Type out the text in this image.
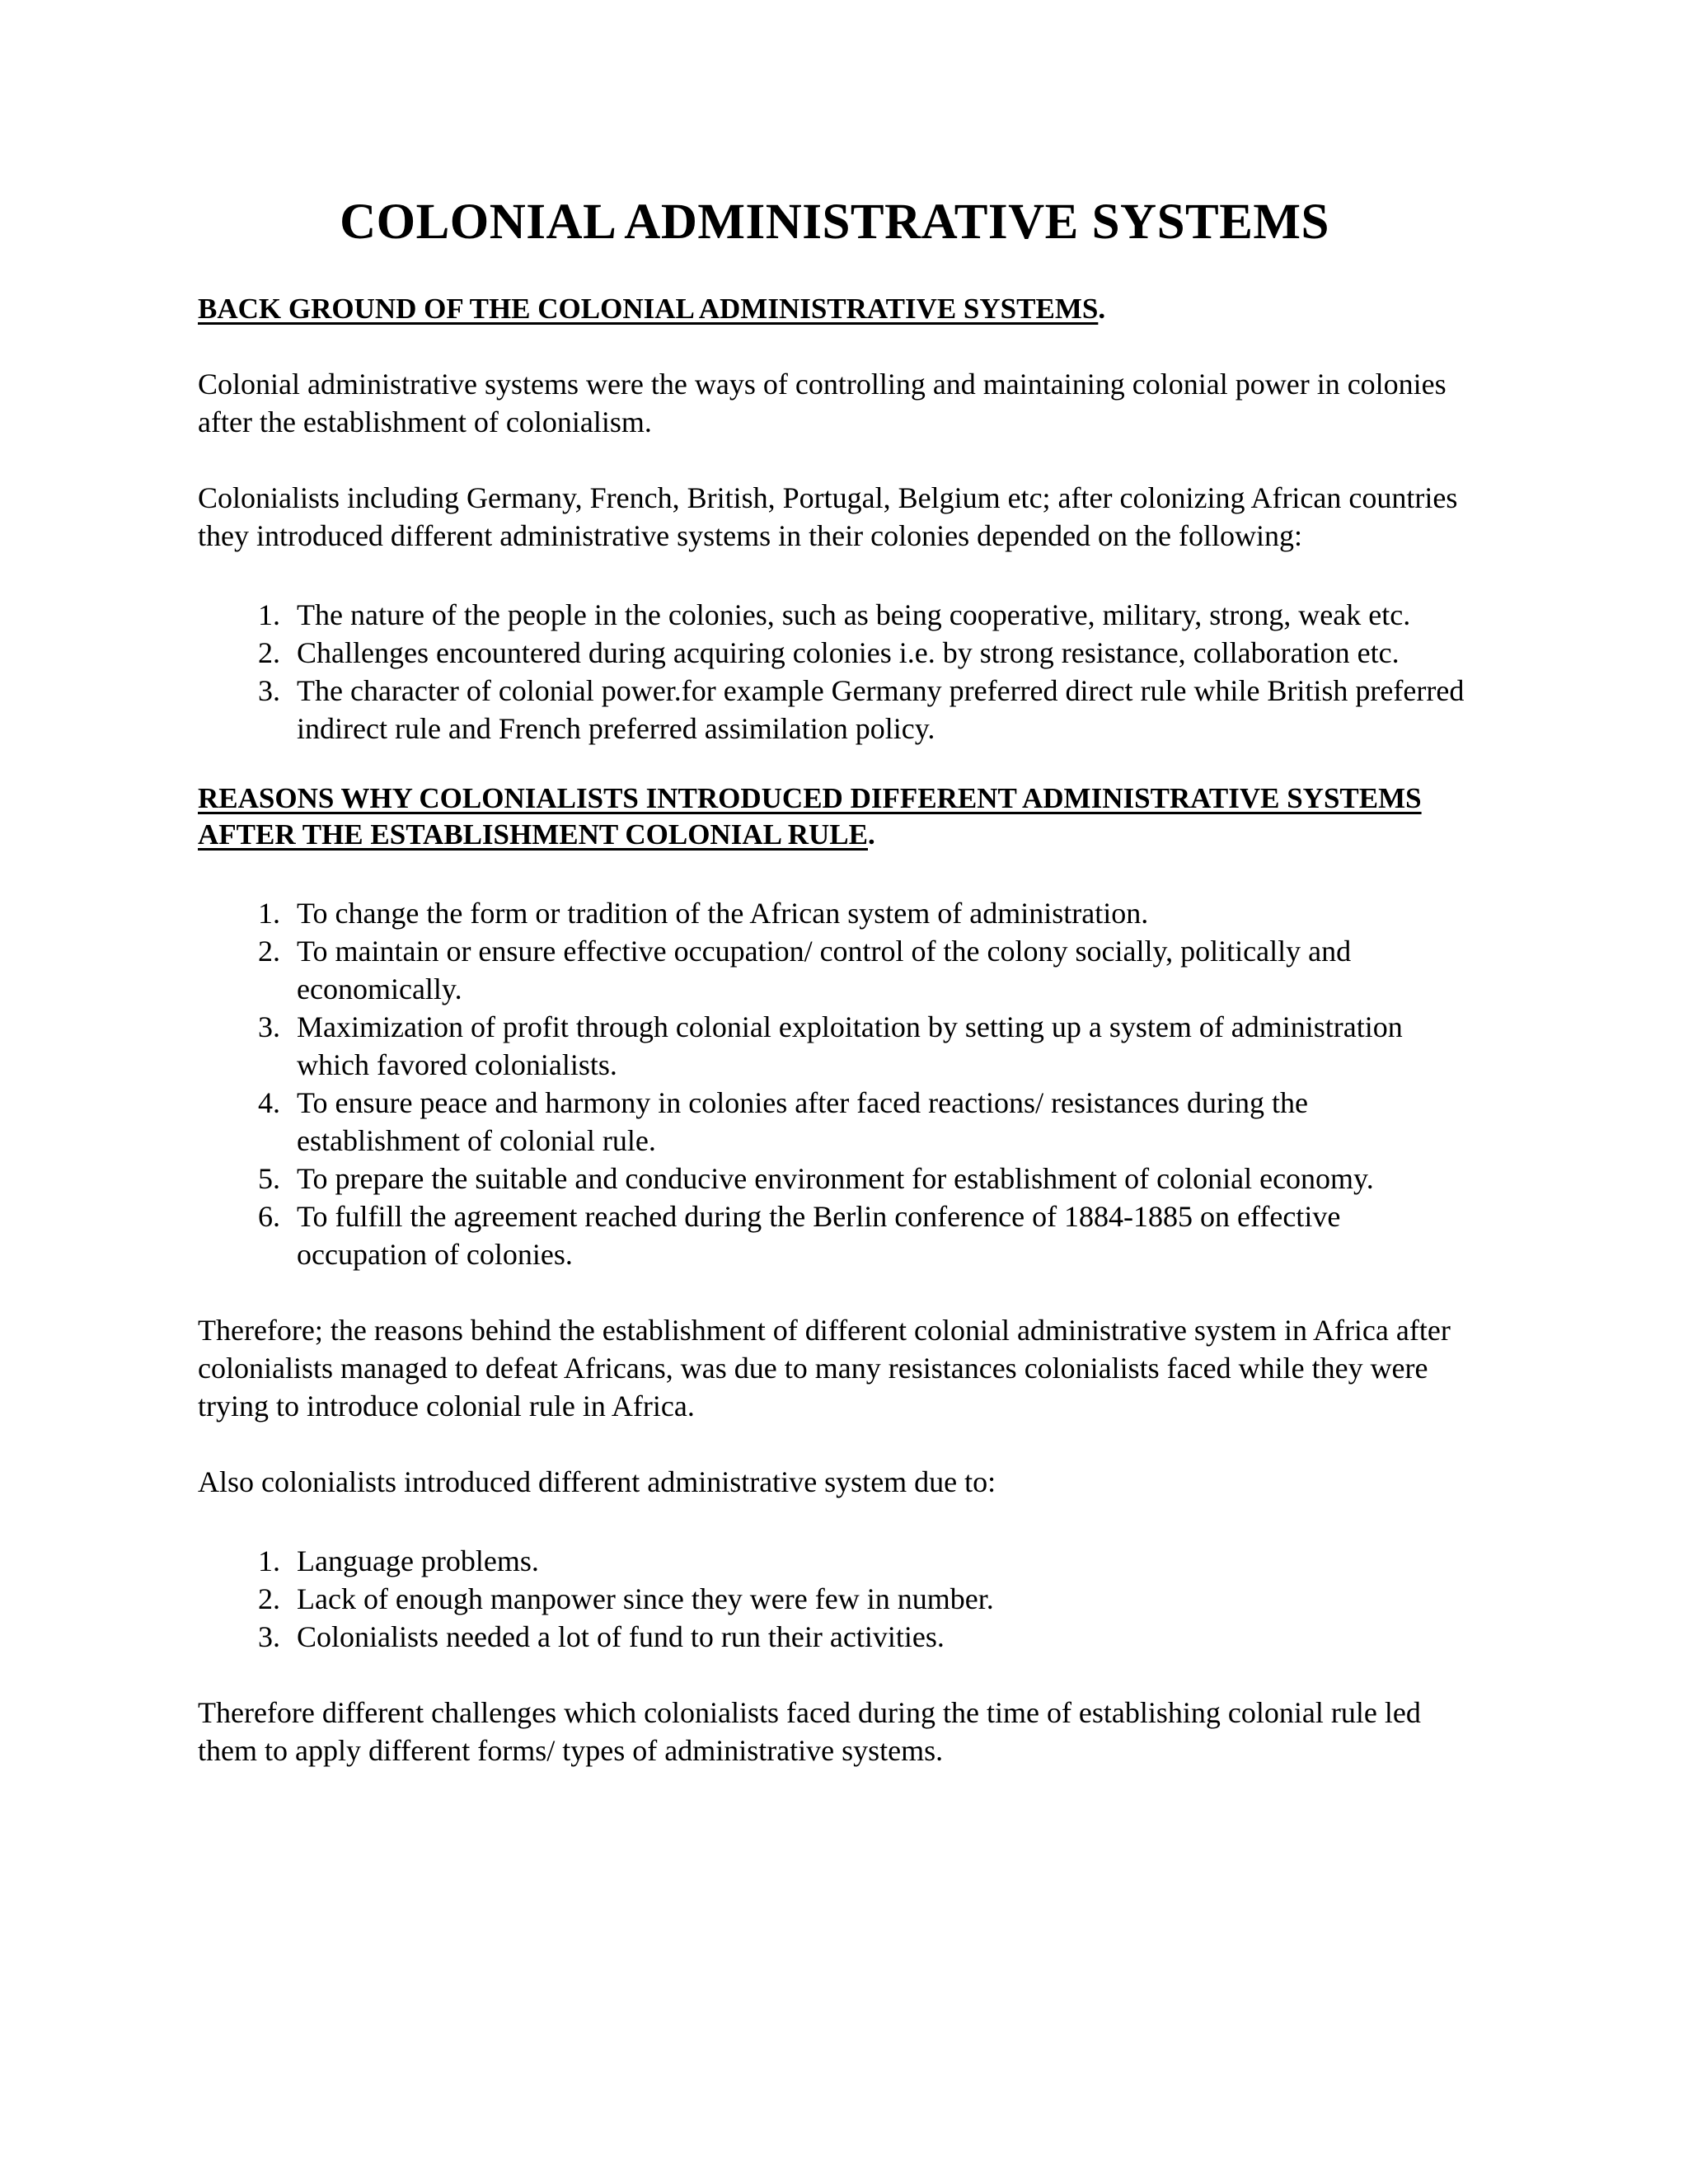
COLONIAL ADMINISTRATIVE SYSTEMS

BACK GROUND OF THE COLONIAL ADMINISTRATIVE SYSTEMS.

Colonial administrative systems were the ways of controlling and maintaining colonial power in colonies after the establishment of colonialism.

Colonialists including Germany, French, British, Portugal, Belgium etc; after colonizing African countries they introduced different administrative systems in their colonies depended on the following:

1. The nature of the people in the colonies, such as being cooperative, military, strong, weak etc.
2. Challenges encountered during acquiring colonies i.e. by strong resistance, collaboration etc.
3. The character of colonial power.for example Germany preferred direct rule while British preferred indirect rule and French preferred assimilation policy.

REASONS WHY COLONIALISTS INTRODUCED DIFFERENT ADMINISTRATIVE SYSTEMS AFTER THE ESTABLISHMENT COLONIAL RULE.

1. To change the form or tradition of the African system of administration.
2. To maintain or ensure effective occupation/ control of the colony socially, politically and economically.
3. Maximization of profit through colonial exploitation by setting up a system of administration which favored colonialists.
4. To ensure peace and harmony in colonies after faced reactions/ resistances during the establishment of colonial rule.
5. To prepare the suitable and conducive environment for establishment of colonial economy.
6. To fulfill the agreement reached during the Berlin conference of 1884-1885 on effective occupation of colonies.

Therefore; the reasons behind the establishment of different colonial administrative system in Africa after colonialists managed to defeat Africans, was due to many resistances colonialists faced while they were trying to introduce colonial rule in Africa.

Also colonialists introduced different administrative system due to:

1. Language problems.
2. Lack of enough manpower since they were few in number.
3. Colonialists needed a lot of fund to run their activities.

Therefore different challenges which colonialists faced during the time of establishing colonial rule led them to apply different forms/ types of administrative systems.
